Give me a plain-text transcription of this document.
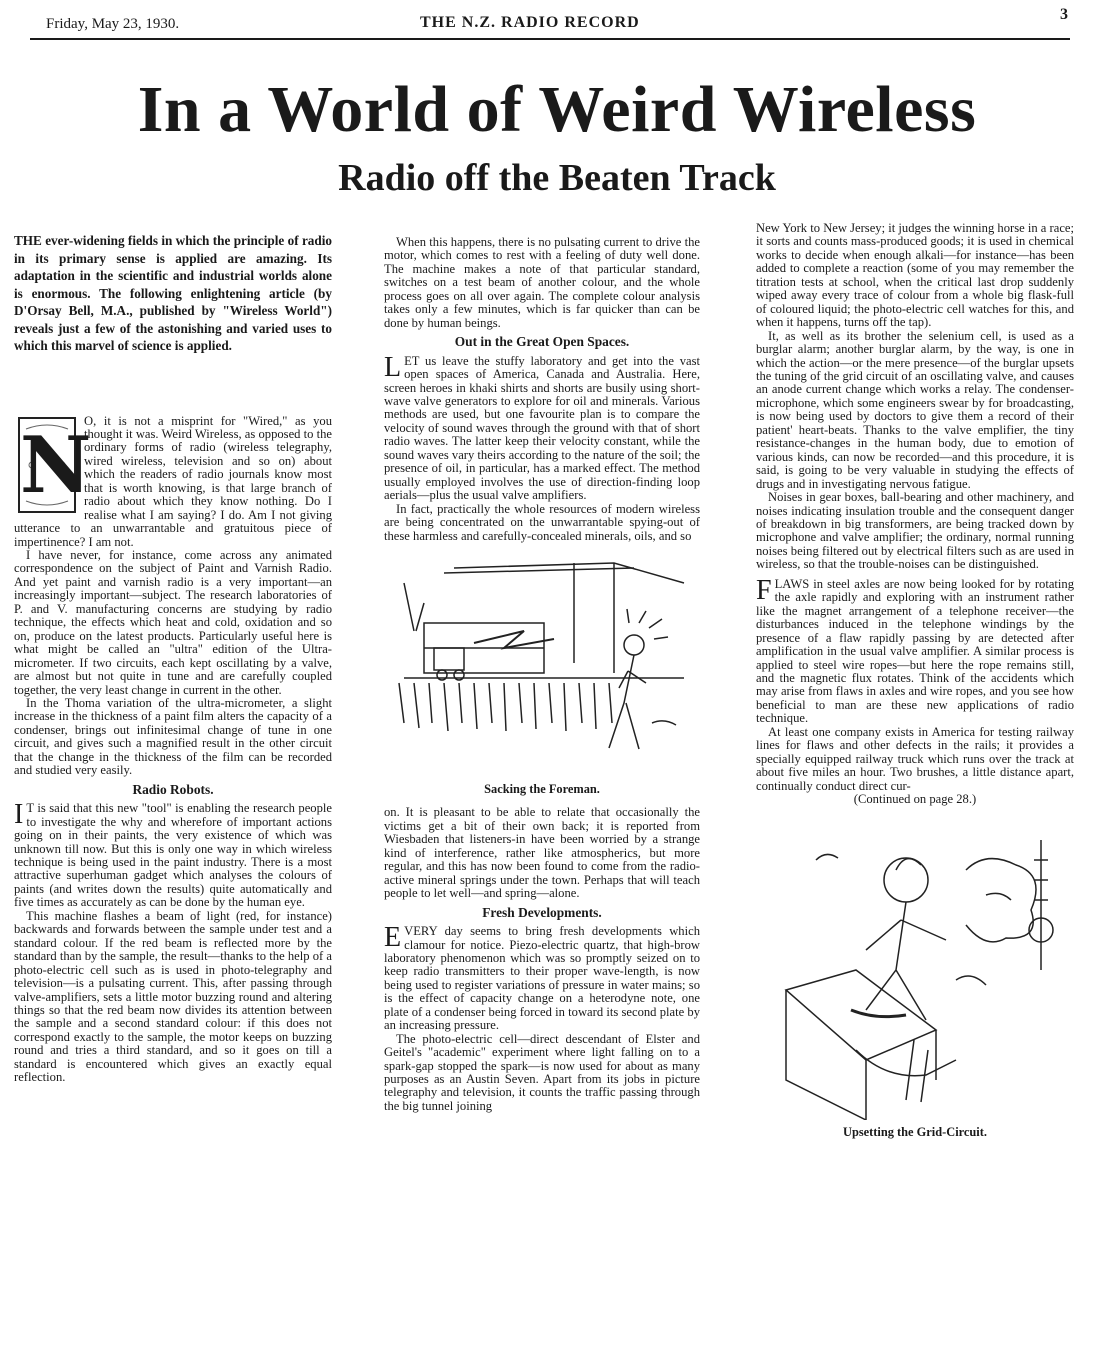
Friday, May 23, 1930.	THE N.Z. RADIO RECORD	3
In a World of Weird Wireless
Radio off the Beaten Track

THE ever-widening fields in which the principle of radio in its primary sense is applied are amazing. Its adaptation in the scientific and industrial worlds alone is enormous. The following enlightening article (by D'Orsay Bell, M.A., published by "Wireless World") reveals just a few of the astonishing and varied uses to which this marvel of science is applied.

N

O, it is not a misprint for "Wired," as you thought it was. Weird Wireless, as opposed to the ordinary forms of radio (wireless telegraphy, wired wireless, television and so on) about which the readers of radio journals know most that is worth knowing, is that large branch of radio about which they know nothing. Do I realise what I am saying? I do. Am I not giving utterance to an unwarrantable and gratuitous piece of impertinence? I am not.

I have never, for instance, come across any animated correspondence on the subject of Paint and Varnish Radio. And yet paint and varnish radio is a very important—an increasingly important—subject. The research laboratories of P. and V. manufacturing concerns are studying by radio technique, the effects which heat and cold, oxidation and so on, produce on the latest products. Particularly useful here is what might be called an "ultra" edition of the Ultra-micrometer. If two circuits, each kept oscillating by a valve, are almost but not quite in tune and are carefully coupled together, the very least change in current in the other.

In the Thoma variation of the ultra-micrometer, a slight increase in the thickness of a paint film alters the capacity of a condenser, brings out infinitesimal change of tune in one circuit, and gives such a magnified result in the other circuit that the change in the thickness of the film can be recorded and studied very easily.

Radio Robots.
I T is said that this new "tool" is enabling the research people to investigate the why and wherefore of important actions going on in their paints, the very existence of which was unknown till now. But this is only one way in which wireless technique is being used in the paint industry. There is a most attractive superhuman gadget which analyses the colours of paints (and writes down the results) quite automatically and five times as accurately as can be done by the human eye.

This machine flashes a beam of light (red, for instance) backwards and forwards between the sample under test and a standard colour. If the red beam is reflected more by the standard than by the sample, the result—thanks to the help of a photo-electric cell such as is used in photo-telegraphy and television—is a pulsating current. This, after passing through valve-amplifiers, sets a little motor buzzing round and altering things so that the red beam now divides its attention between the sample and a second standard colour: if this does not correspond exactly to the sample, the motor keeps on buzzing round and tries a third standard, and so it goes on till a standard is encountered which gives an exactly equal reflection.

When this happens, there is no pulsating current to drive the motor, which comes to rest with a feeling of duty well done. The machine makes a note of that particular standard, switches on a test beam of another colour, and the whole process goes on all over again. The complete colour analysis takes only a few minutes, which is far quicker than can be done by human beings.

Out in the Great Open Spaces.
L ET us leave the stuffy laboratory and get into the vast open spaces of America, Canada and Australia. Here, screen heroes in khaki shirts and shorts are busily using short-wave valve generators to explore for oil and minerals. Various methods are used, but one favourite plan is to compare the velocity of sound waves through the ground with that of short radio waves. The latter keep their velocity constant, while the sound waves vary theirs according to the nature of the soil; the presence of oil, in particular, has a marked effect. The method usually employed involves the use of direction-finding loop aerials—plus the usual valve amplifiers.

In fact, practically the whole resources of modern wireless are being concentrated on the unwarrantable spying-out of these harmless and carefully-concealed minerals, oils, and so

Sacking the Foreman.

on. It is pleasant to be able to relate that occasionally the victims get a bit of their own back; it is reported from Wiesbaden that listeners-in have been worried by a strange kind of interference, rather like atmospherics, but more regular, and this has now been found to come from the radio-active mineral springs under the town. Perhaps that will teach people to let well—and spring—alone.

Fresh Developments.
E VERY day seems to bring fresh developments which clamour for notice. Piezo-electric quartz, that high-brow laboratory phenomenon which was so promptly seized on to keep radio transmitters to their proper wave-length, is now being used to register variations of pressure in water mains; so is the effect of capacity change on a heterodyne note, one plate of a condenser being forced in toward its second plate by an increasing pressure.

The photo-electric cell—direct descendant of Elster and Geitel's "academic" experiment where light falling on to a spark-gap stopped the spark—is now used for about as many purposes as an Austin Seven. Apart from its jobs in picture telegraphy and television, it counts the traffic passing through the big tunnel joining

New York to New Jersey; it judges the winning horse in a race; it sorts and counts mass-produced goods; it is used in chemical works to decide when enough alkali—for instance—has been added to complete a reaction (some of you may remember the titration tests at school, when the critical last drop suddenly wiped away every trace of colour from a whole big flask-full of coloured liquid; the photo-electric cell watches for this, and when it happens, turns off the tap).

It, as well as its brother the selenium cell, is used as a burglar alarm; another burglar alarm, by the way, is one in which the action—or the mere presence—of the burglar upsets the tuning of the grid circuit of an oscillating valve, and causes an anode current change which works a relay. The condenser-microphone, which some engineers swear by for broadcasting, is now being used by doctors to give them a record of their patient' heart-beats. Thanks to the valve emplifier, the tiny resistance-changes in the human body, due to emotion of various kinds, can now be recorded—and this procedure, it is said, is going to be very valuable in studying the effects of drugs and in investigating nervous fatigue.

Noises in gear boxes, ball-bearing and other machinery, and noises indicating insulation trouble and the consequent danger of breakdown in big transformers, are being tracked down by microphone and valve amplifier; the ordinary, normal running noises being filtered out by electrical filters such as are used in wireless, so that the trouble-noises can be distinguished.

F LAWS in steel axles are now being looked for by rotating the axle rapidly and exploring with an instrument rather like the magnet arrangement of a telephone receiver—the disturbances induced in the telephone windings by the presence of a flaw rapidly passing by are detected after amplification in the usual valve amplifier. A similar process is applied to steel wire ropes—but here the rope remains still, and the magnetic flux rotates. Think of the accidents which may arise from flaws in axles and wire ropes, and you see how beneficial to man are these new applications of radio technique.

At least one company exists in America for testing railway lines for flaws and other defects in the rails; it provides a specially equipped railway truck which runs over the track at about five miles an hour. Two brushes, a little distance apart, continually conduct direct cur-

(Continued on page 28.)

Upsetting the Grid-Circuit.
